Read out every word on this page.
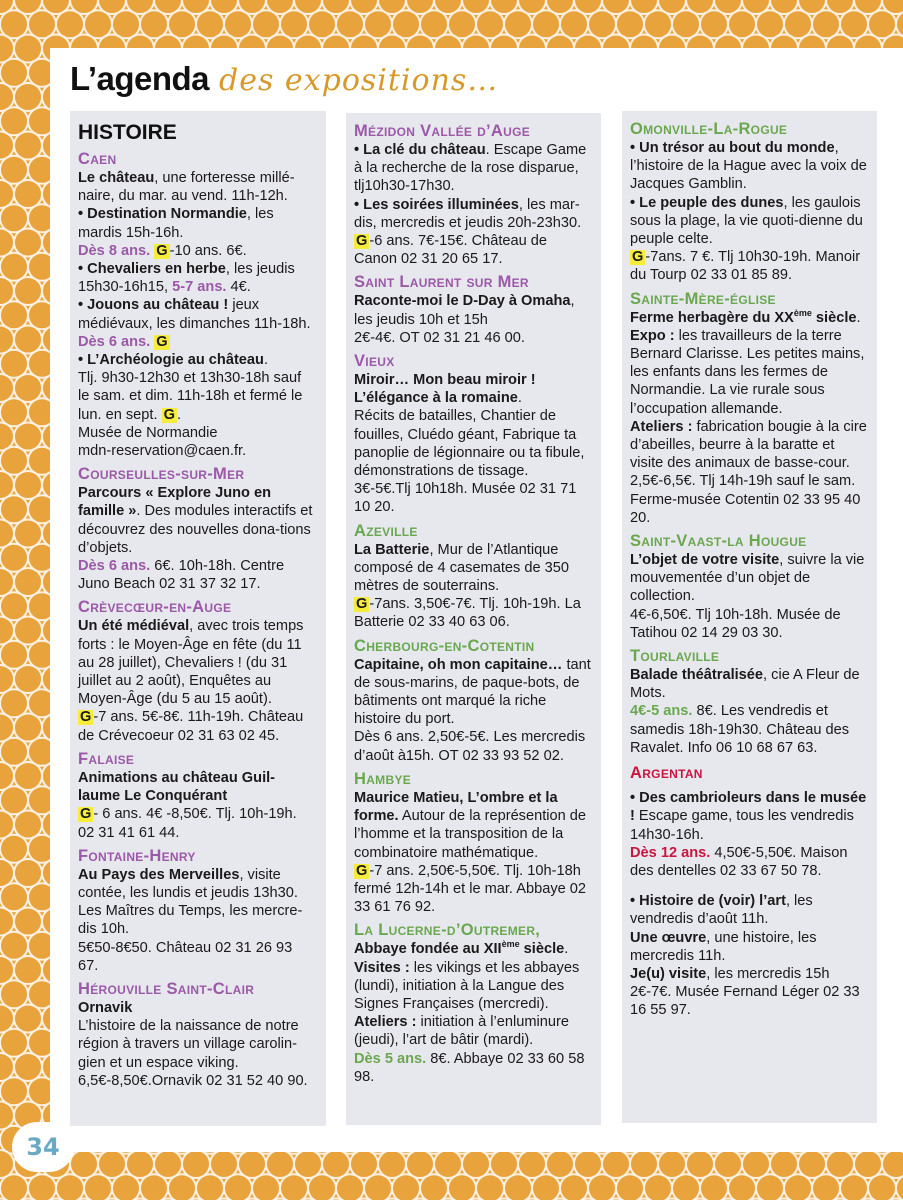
L’agenda des expositions…
HISTOIRE
Caen

Le château, une forteresse millé-naire, du mar. au vend. 11h-12h.

• Destination Normandie, les mardis 15h-16h.

Dès 8 ans. G -10 ans. 6€.

• Chevaliers en herbe, les jeudis 15h30-16h15, 5-7 ans. 4€.

• Jouons au château ! jeux médiévaux, les dimanches 11h-18h. Dès 6 ans. G

• L’Archéologie au château.

Tlj. 9h30-12h30 et 13h30-18h sauf le sam. et dim. 11h-18h et fermé le lun. en sept. G .

Musée de Normandie

mdn-reservation@caen.fr.

Courseulles-sur-Mer

Parcours « Explore Juno en famille ». Des modules interactifs et découvrez des nouvelles dona-tions d’objets.

Dès 6 ans. 6€. 10h-18h. Centre Juno Beach 02 31 37 32 17.

Crèvecœur-en-Auge

Un été médiéval, avec trois temps forts : le Moyen-Âge en fête (du 11 au 28 juillet), Chevaliers ! (du 31 juillet au 2 août), Enquêtes au Moyen-Âge (du 5 au 15 août).

G -7 ans. 5€-8€. 11h-19h. Château de Crévecoeur 02 31 63 02 45.

Falaise

Animations au château Guil-laume Le Conquérant

G - 6 ans. 4€ -8,50€. Tlj. 10h-19h. 02 31 41 61 44.

Fontaine-Henry

Au Pays des Merveilles, visite contée, les lundis et jeudis 13h30. Les Maîtres du Temps, les mercre-dis 10h.

5€50-8€50. Château 02 31 26 93 67.

Hérouville Saint-Clair

Ornavik

L’histoire de la naissance de notre région à travers un village carolin-gien et un espace viking.

6,5€-8,50€.Ornavik 02 31 52 40 90.

Mézidon Vallée d’Auge

• La clé du château. Escape Game à la recherche de la rose disparue, tlj10h30-17h30.

• Les soirées illuminées, les mar-dis, mercredis et jeudis 20h-23h30.

G -6 ans. 7€-15€. Château de Canon 02 31 20 65 17.

Saint Laurent sur Mer

Raconte-moi le D-Day à Omaha, les jeudis 10h et 15h

2€-4€. OT 02 31 21 46 00.

Vieux

Miroir… Mon beau miroir !

L’élégance à la romaine.

Récits de batailles, Chantier de fouilles, Cluédo géant, Fabrique ta panoplie de légionnaire ou ta fibule, démonstrations de tissage.

3€-5€.Tlj 10h18h. Musée 02 31 71 10 20.

Azeville

La Batterie, Mur de l’Atlantique composé de 4 casemates de 350 mètres de souterrains.

G -7ans. 3,50€-7€. Tlj. 10h-19h. La Batterie 02 33 40 63 06.

Cherbourg-en-Cotentin

Capitaine, oh mon capitaine… tant de sous-marins, de paque-bots, de bâtiments ont marqué la riche histoire du port.

Dès 6 ans. 2,50€-5€. Les mercredis d’août à15h. OT 02 33 93 52 02.

Hambye

Maurice Matieu, L’ombre et la forme. Autour de la représention de l’homme et la transposition de la combinatoire mathématique.

G -7 ans. 2,50€-5,50€. Tlj. 10h-18h fermé 12h-14h et le mar. Abbaye 02 33 61 76 92.

La Lucerne-d’Outremer,

Abbaye fondée au XIIème siècle.

Visites : les vikings et les abbayes (lundi), initiation à la Langue des Signes Françaises (mercredi).

Ateliers : initiation à l’enluminure (jeudi), l’art de bâtir (mardi).

Dès 5 ans. 8€. Abbaye 02 33 60 58 98.

Omonville-La-Rogue

• Un trésor au bout du monde, l’histoire de la Hague avec la voix de Jacques Gamblin.

• Le peuple des dunes, les gaulois sous la plage, la vie quoti-dienne du peuple celte.

G -7ans. 7 €. Tlj 10h30-19h. Manoir du Tourp 02 33 01 85 89.

Sainte-Mère-église

Ferme herbagère du XXème siècle.

Expo : les travailleurs de la terre Bernard Clarisse. Les petites mains, les enfants dans les fermes de Normandie. La vie rurale sous l’occupation allemande.

Ateliers : fabrication bougie à la cire d’abeilles, beurre à la baratte et visite des animaux de basse-cour.

2,5€-6,5€. Tlj 14h-19h sauf le sam. Ferme-musée Cotentin 02 33 95 40 20.

Saint-Vaast-la Hougue

L’objet de votre visite, suivre la vie mouvementée d’un objet de collection.

4€-6,50€. Tlj 10h-18h. Musée de Tatihou 02 14 29 03 30.

Tourlaville

Balade théâtralisée, cie A Fleur de Mots.

4€-5 ans. 8€. Les vendredis et samedis 18h-19h30. Château des Ravalet. Info 06 10 68 67 63.

Argentan

• Des cambrioleurs dans le musée ! Escape game, tous les vendredis 14h30-16h.

Dès 12 ans. 4,50€-5,50€. Maison des dentelles 02 33 67 50 78.

• Histoire de (voir) l’art, les vendredis d’août 11h.

Une œuvre, une histoire, les mercredis 11h.

Je(u) visite, les mercredis 15h

2€-7€. Musée Fernand Léger 02 33 16 55 97.

34
